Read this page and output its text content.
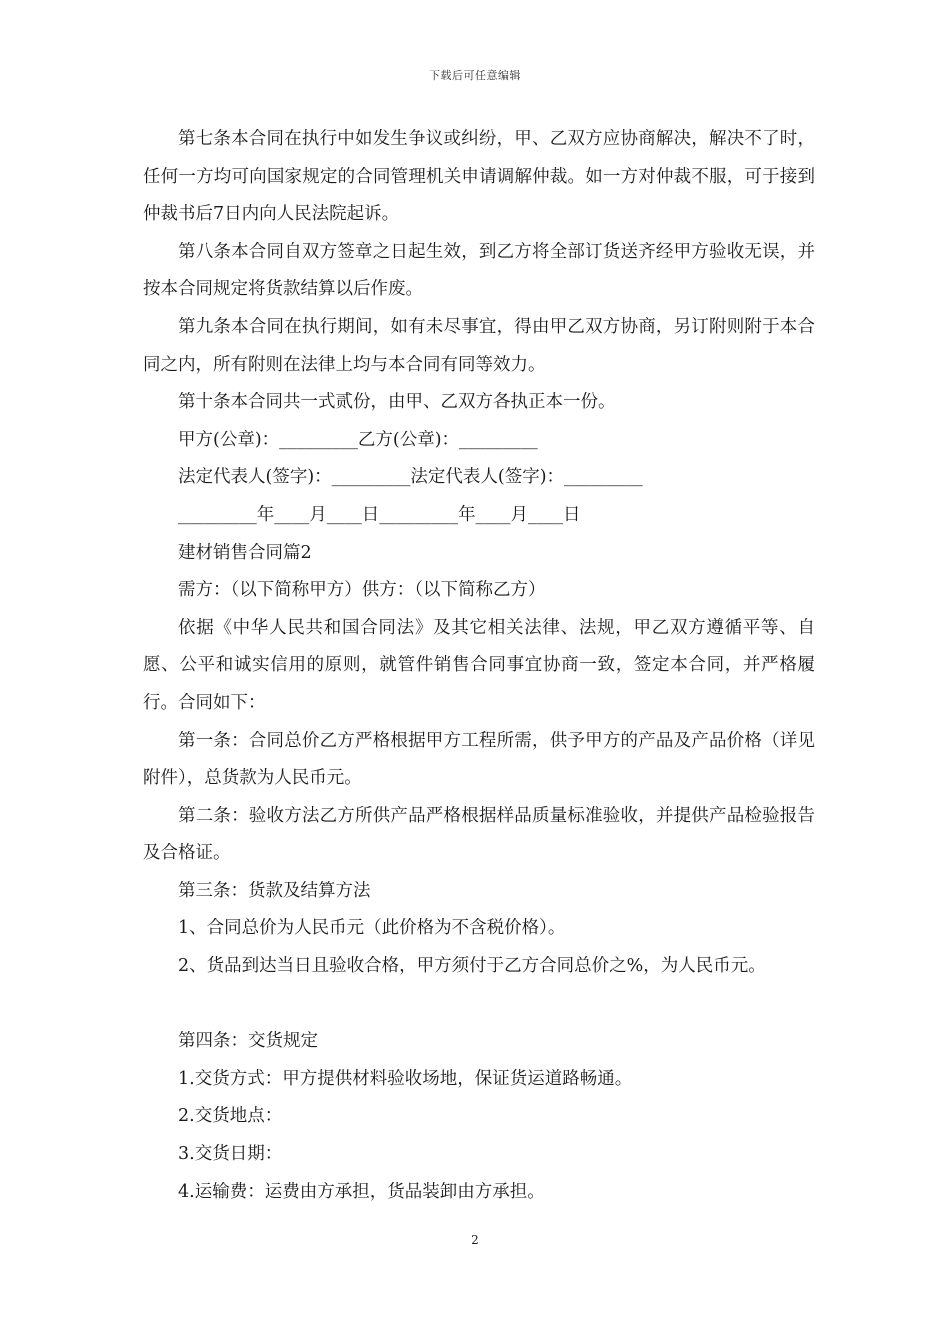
下载后可任意编辑

第七条本合同在执行中如发生争议或纠纷，甲、乙双方应协商解决，解决不了时，任何一方均可向国家规定的合同管理机关申请调解仲裁。如一方对仲裁不服，可于接到仲裁书后7日内向人民法院起诉。

第八条本合同自双方签章之日起生效，到乙方将全部订货送齐经甲方验收无误，并按本合同规定将货款结算以后作废。

第九条本合同在执行期间，如有未尽事宜，得由甲乙双方协商，另订附则附于本合同之内，所有附则在法律上均与本合同有同等效力。

第十条本合同共一式贰份，由甲、乙双方各执正本一份。

甲方(公章)：_________乙方(公章)：_________

法定代表人(签字)：_________法定代表人(签字)：_________

_________年____月____日_________年____月____日

建材销售合同篇2

需方：（以下简称甲方）供方：（以下简称乙方）

依据《中华人民共和国合同法》及其它相关法律、法规，甲乙双方遵循平等、自愿、公平和诚实信用的原则，就管件销售合同事宜协商一致，签定本合同，并严格履行。合同如下：

第一条：合同总价乙方严格根据甲方工程所需，供予甲方的产品及产品价格（详见附件），总货款为人民币元。

第二条：验收方法乙方所供产品严格根据样品质量标准验收，并提供产品检验报告及合格证。

第三条：货款及结算方法

1、合同总价为人民币元（此价格为不含税价格）。

2、货品到达当日且验收合格，甲方须付于乙方合同总价之%，为人民币元。

第四条：交货规定

1.交货方式：甲方提供材料验收场地，保证货运道路畅通。

2.交货地点：

3.交货日期：

4.运输费：运费由方承担，货品装卸由方承担。

2
